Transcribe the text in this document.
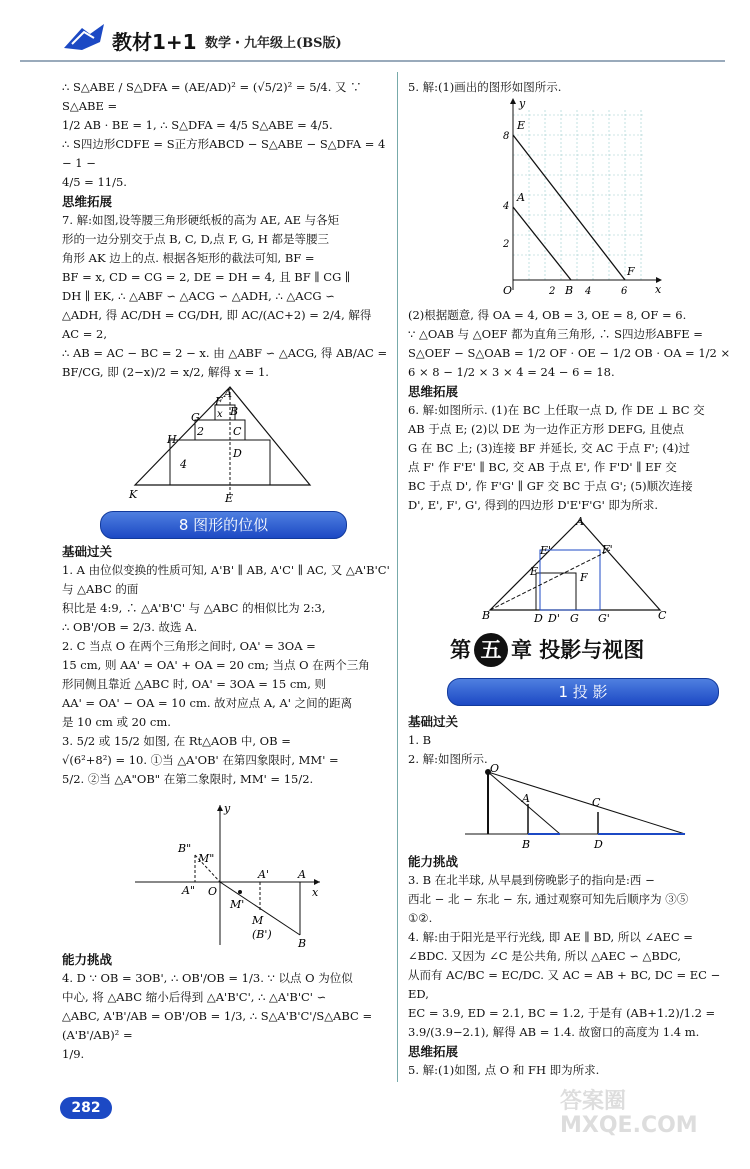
教材1+1 数学・九年级上(BS版)

∴ S△ABE / S△DFA = (AE/AD)² = (√5/2)² = 5/4. 又 ∵ S△ABE =

1/2 AB · BE = 1, ∴ S△DFA = 4/5 S△ABE = 4/5.

∴ S四边形CDFE = S正方形ABCD − S△ABE − S△DFA = 4 − 1 −

4/5 = 11/5.

思维拓展

7. 解:如图,设等腰三角形硬纸板的高为 AE, AE 与各矩

形的一边分别交于点 B, C, D,点 F, G, H 都是等腰三

角形 AK 边上的点. 根据各矩形的截法可知, BF =

BF = x, CD = CG = 2, DE = DH = 4, 且 BF ∥ CG ∥

DH ∥ EK, ∴ △ABF ∽ △ACG ∽ △ADH, ∴ △ACG ∽

△ADH, 得 AC/DH = CG/DH, 即 AC/(AC+2) = 2/4, 解得 AC = 2,

∴ AB = AC − BC = 2 − x. 由 △ABF ∽ △ACG, 得 AB/AC =

BF/CG, 即 (2−x)/2 = x/2, 解得 x = 1.

A
F
B
G
C
H
D
4
2
x
K	E
8 图形的位似

基础过关

1. A 由位似变换的性质可知, A'B' ∥ AB, A'C' ∥ AC, 又 △A'B'C' 与 △ABC 的面

积比是 4:9, ∴ △A'B'C' 与 △ABC 的相似比为 2:3,

∴ OB'/OB = 2/3. 故选 A.

2. C 当点 O 在两个三角形之间时, OA' = 3OA =

15 cm, 则 AA' = OA' + OA = 20 cm; 当点 O 在两个三角

形同侧且靠近 △ABC 时, OA' = 3OA = 15 cm, 则

AA' = OA' − OA = 10 cm. 故对应点 A, A' 之间的距离

是 10 cm 或 20 cm.

3. 5/2 或 15/2 如图, 在 Rt△AOB 中, OB =

√(6²+8²) = 10. ①当 △A'OB' 在第四象限时, MM' =

5/2. ②当 △A"OB" 在第二象限时, MM' = 15/2.

y
x
O
A
A'
B"
M"
A"
M'
M
(B')
B

能力挑战

4. D ∵ OB = 3OB', ∴ OB'/OB = 1/3. ∵ 以点 O 为位似

中心, 将 △ABC 缩小后得到 △A'B'C', ∴ △A'B'C' ∽

△ABC, A'B'/AB = OB'/OB = 1/3, ∴ S△A'B'C'/S△ABC = (A'B'/AB)² =

1/9.

5. 解:(1)画出的图形如图所示.

y
x
O
E
A
B
F
8
4
2
2	4	6

(2)根据题意, 得 OA = 4, OB = 3, OE = 8, OF = 6.

∵ △OAB 与 △OEF 都为直角三角形, ∴ S四边形ABFE =

S△OEF − S△OAB = 1/2 OF · OE − 1/2 OB · OA = 1/2 ×

6 × 8 − 1/2 × 3 × 4 = 24 − 6 = 18.

思维拓展

6. 解:如图所示. (1)在 BC 上任取一点 D, 作 DE ⊥ BC 交

AB 于点 E; (2)以 DE 为一边作正方形 DEFG, 且使点

G 在 BC 上; (3)连接 BF 并延长, 交 AC 于点 F'; (4)过

点 F' 作 F'E' ∥ BC, 交 AB 于点 E', 作 F'D' ∥ EF 交

BC 于点 D', 作 F'G' ∥ GF 交 BC 于点 G'; (5)顺次连接

D', E', F', G', 得到的四边形 D'E'F'G' 即为所求.

A
E'	F'
E	F
B	D D' G G'	C
第 五 章 投影与视图
1 投 影

基础过关

1. B

2. 解:如图所示.

O
A	C
B	D

能力挑战

3. B 在北半球, 从早晨到傍晚影子的指向是:西 −

西北 − 北 − 东北 − 东, 通过观察可知先后顺序为 ③⑤

①②.

4. 解:由于阳光是平行光线, 即 AE ∥ BD, 所以 ∠AEC =

∠BDC. 又因为 ∠C 是公共角, 所以 △AEC ∽ △BDC,

从而有 AC/BC = EC/DC. 又 AC = AB + BC, DC = EC − ED,

EC = 3.9, ED = 2.1, BC = 1.2, 于是有 (AB+1.2)/1.2 =

3.9/(3.9−2.1), 解得 AB = 1.4. 故窗口的高度为 1.4 m.

思维拓展

5. 解:(1)如图, 点 O 和 FH 即为所求.

282	答案圈
MXQE.COM
